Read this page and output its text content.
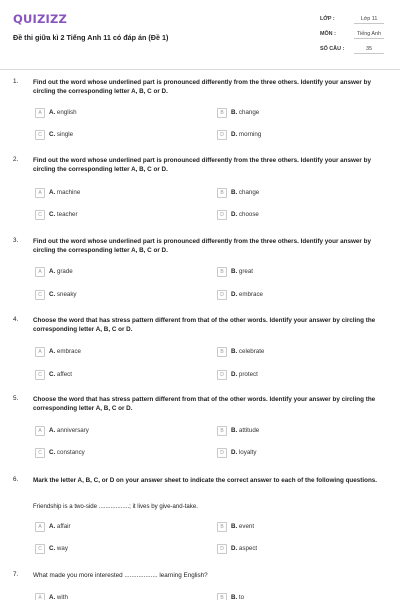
QUIZIZZ
Đề thi giữa kì 2 Tiếng Anh 11 có đáp án (Đề 1)
LỚP :	Lớp 11
MÔN :	Tiếng Anh
SỐ CÂU :	35
1. Find out the word whose underlined part is pronounced differently from the three others. Identify your answer by circling the corresponding letter A, B, C or D.
A	A. english	B	B. change
C	C. single	D	D. morning
2. Find out the word whose underlined part is pronounced differently from the three others. Identify your answer by circling the corresponding letter A, B, C or D.
A	A. machine	B	B. change
C	C. teacher	D	D. choose
3. Find out the word whose underlined part is pronounced differently from the three others. Identify your answer by circling the corresponding letter A, B, C or D.
A	A. grade	B	B. great
C	C. sneaky	D	D. embrace
4. Choose the word that has stress pattern different from that of the other words. Identify your answer by circling the corresponding letter A, B, C or D.
A	A. embrace	B	B. celebrate
C	C. affect	D	D. protect
5. Choose the word that has stress pattern different from that of the other words. Identify your answer by circling the corresponding letter A, B, C or D.
A	A. anniversary	B	B. attitude
C	C. constancy	D	D. loyalty
6. Mark the letter A, B, C, or D on your answer sheet to indicate the correct answer to each of the following questions.
Friendship is a two-side ..................; it lives by give-and-take.
A	A. affair	B	B. event
C	C. way	D	D. aspect
7. What made you more interested ................... learning English?
A	A. with	B	B. to
